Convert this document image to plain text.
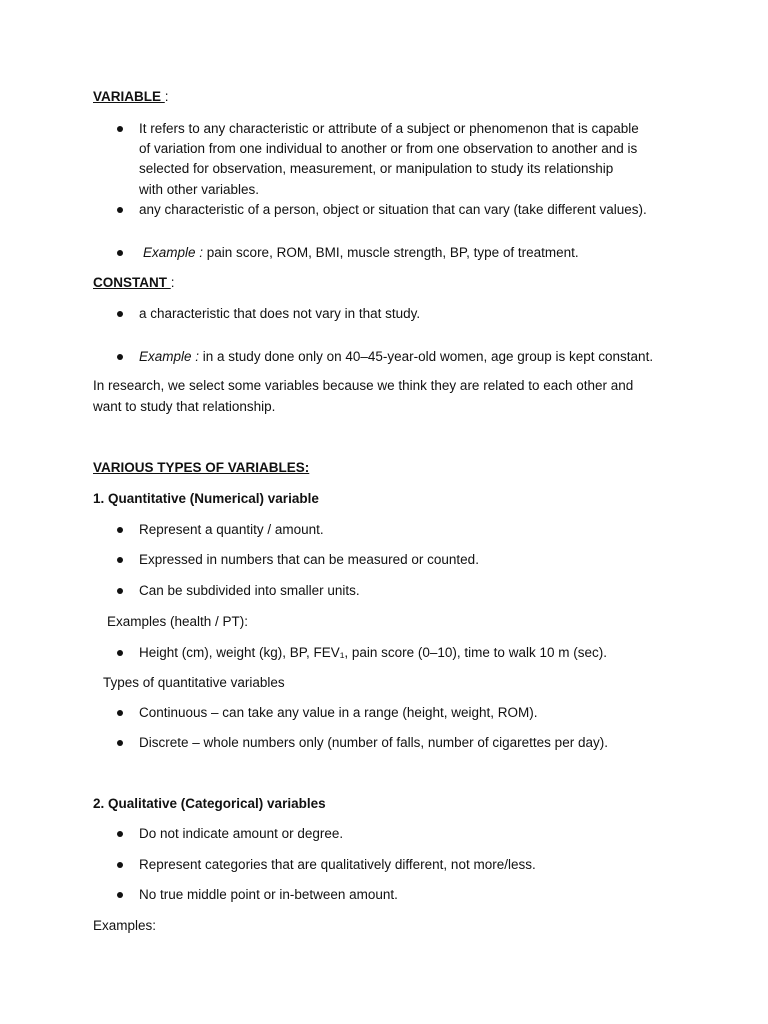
VARIABLE :
It refers to any characteristic or attribute of a subject or phenomenon that is capable
of variation from one individual to another or from one observation to another and is
selected for observation, measurement, or manipulation to study its relationship
with other variables.
any characteristic of a person, object or situation that can vary (take different values).
Example : pain score, ROM, BMI, muscle strength, BP, type of treatment.
CONSTANT :
a characteristic that does not vary in that study.
Example : in a study done only on 40–45-year-old women, age group is kept constant.
In research, we select some variables because we think they are related to each other and
want to study that relationship.
VARIOUS TYPES OF VARIABLES:
1. Quantitative (Numerical) variable
Represent a quantity / amount.
Expressed in numbers that can be measured or counted.
Can be subdivided into smaller units.
Examples (health / PT):
Height (cm), weight (kg), BP, FEV₁, pain score (0–10), time to walk 10 m (sec).
Types of quantitative variables
Continuous – can take any value in a range (height, weight, ROM).
Discrete – whole numbers only (number of falls, number of cigarettes per day).
2. Qualitative (Categorical) variables
Do not indicate amount or degree.
Represent categories that are qualitatively different, not more/less.
No true middle point or in-between amount.
Examples:
